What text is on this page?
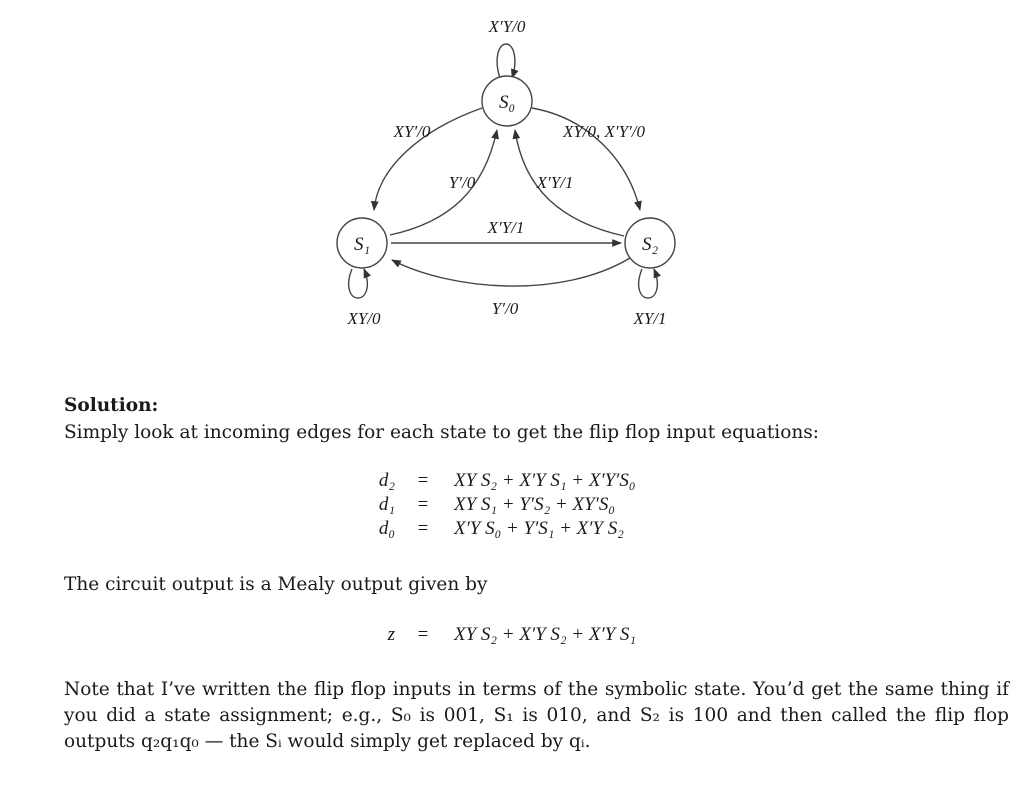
S₀
S₁	S₂
X′Y/0
XY′/0	XY/0, X′Y′/0
Y′/0	X′Y/1
X′Y/1
Y′/0
XY/0	XY/1
Solution:
Simply look at incoming edges for each state to get the flip flop input equations:
d₂ = XY S₂ + X′Y S₁ + X′Y′S₀
d₁ = XY S₁ + Y′S₂ + XY′S₀
d₀ = X′Y S₀ + Y′S₁ + X′Y S₂
The circuit output is a Mealy output given by
z = XY S₂ + X′Y S₂ + X′Y S₁
Note that I’ve written the flip flop inputs in terms of the symbolic state. You’d get the same thing if you did a state assignment; e.g., S₀ is 001, S₁ is 010, and S₂ is 100 and then called the flip flop outputs q₂q₁q₀ — the Sᵢ would simply get replaced by qᵢ.
